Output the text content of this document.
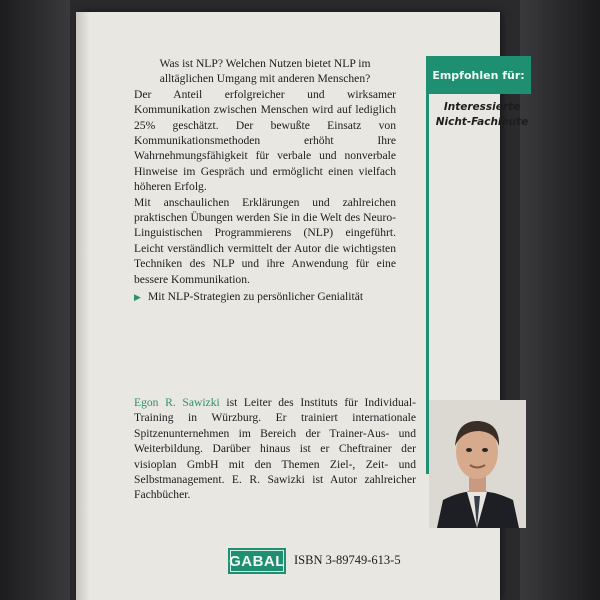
Was ist NLP? Welchen Nutzen bietet NLP im alltäglichen Umgang mit anderen Menschen?

Der Anteil erfolgreicher und wirksamer Kommunikation zwischen Menschen wird auf lediglich 25% geschätzt. Der bewußte Einsatz von Kommunikationsmethoden erhöht Ihre Wahrnehmungsfähigkeit für verbale und nonverbale Hinweise im Gespräch und ermöglicht einen vielfach höheren Erfolg.

Mit anschaulichen Erklärungen und zahlreichen praktischen Übungen werden Sie in die Welt des Neuro-Linguistischen Programmierens (NLP) eingeführt. Leicht verständlich vermittelt der Autor die wichtigsten Techniken des NLP und ihre Anwendung für eine bessere Kommunikation.

▶ Mit NLP-Strategien zu persönlicher Genialität
Empfohlen für:
Interessierte Nicht-Fachleute
Egon R. Sawizki ist Leiter des Instituts für Individual-Training in Würzburg. Er trainiert internationale Spitzenunternehmen im Bereich der Trainer-Aus- und Weiterbildung. Darüber hinaus ist er Cheftrainer der visioplan GmbH mit den Themen Ziel-, Zeit- und Selbstmanagement. E. R. Sawizki ist Autor zahlreicher Fachbücher.
GABAL ISBN 3-89749-613-5
